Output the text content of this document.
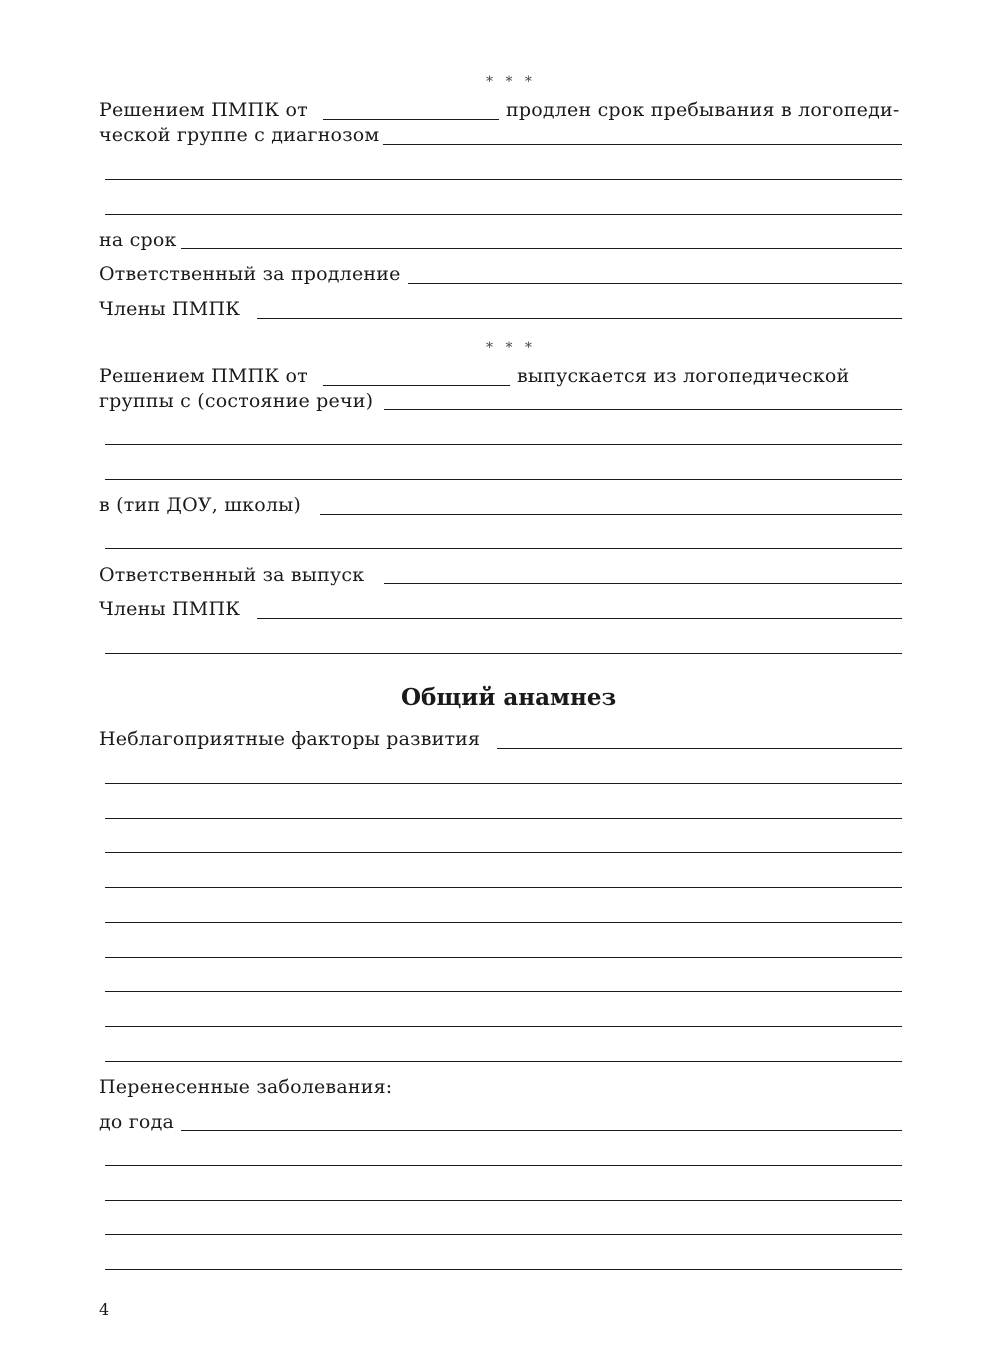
* * *
Решением ПМПК от	продлен срок пребывания в логопеди-
ческой группе с диагнозом
на срок
Ответственный за продление
Члены ПМПК
* * *
Решением ПМПК от	выпускается из логопедической
группы с (состояние речи)
в (тип ДОУ, школы)
Ответственный за выпуск
Члены ПМПК
Общий анамнез
Неблагоприятные факторы развития
Перенесенные заболевания:
до года
4
